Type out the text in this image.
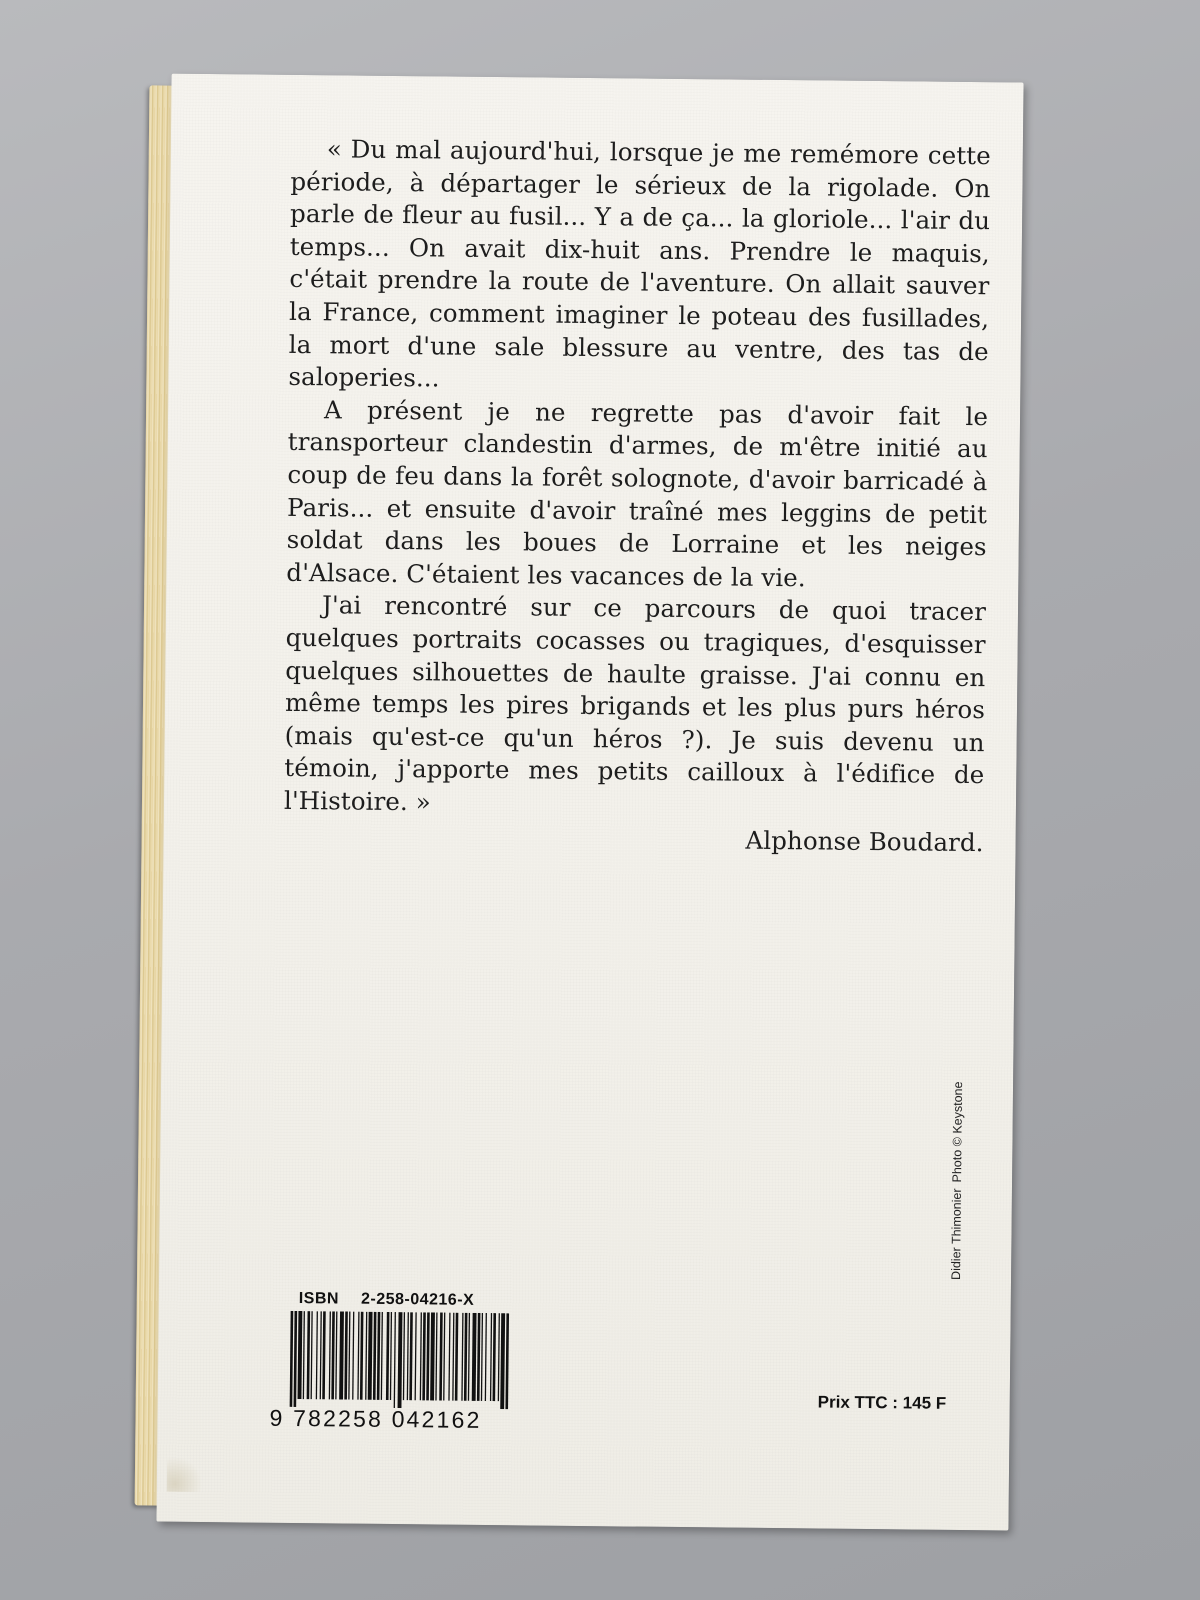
« Du mal aujourd'hui, lorsque je me remémore cette période, à départager le sérieux de la rigolade. On parle de fleur au fusil... Y a de ça... la gloriole... l'air du temps... On avait dix-huit ans. Prendre le maquis, c'était prendre la route de l'aventure. On allait sauver la France, comment imaginer le poteau des fusillades, la mort d'une sale blessure au ventre, des tas de saloperies...

A présent je ne regrette pas d'avoir fait le transporteur clandestin d'armes, de m'être initié au coup de feu dans la forêt solognote, d'avoir barricadé à Paris... et ensuite d'avoir traîné mes leggins de petit soldat dans les boues de Lorraine et les neiges d'Alsace. C'étaient les vacances de la vie.

J'ai rencontré sur ce parcours de quoi tracer quelques portraits cocasses ou tragiques, d'esquisser quelques silhouettes de haulte graisse. J'ai connu en même temps les pires brigands et les plus purs héros (mais qu'est-ce qu'un héros ?). Je suis devenu un témoin, j'apporte mes petits cailloux à l'édifice de l'Histoire. »

Alphonse Boudard.
ISBN 2-258-04216-X
9 782258 042162
Prix TTC : 145 F
Didier ThimonierPhoto © Keystone
